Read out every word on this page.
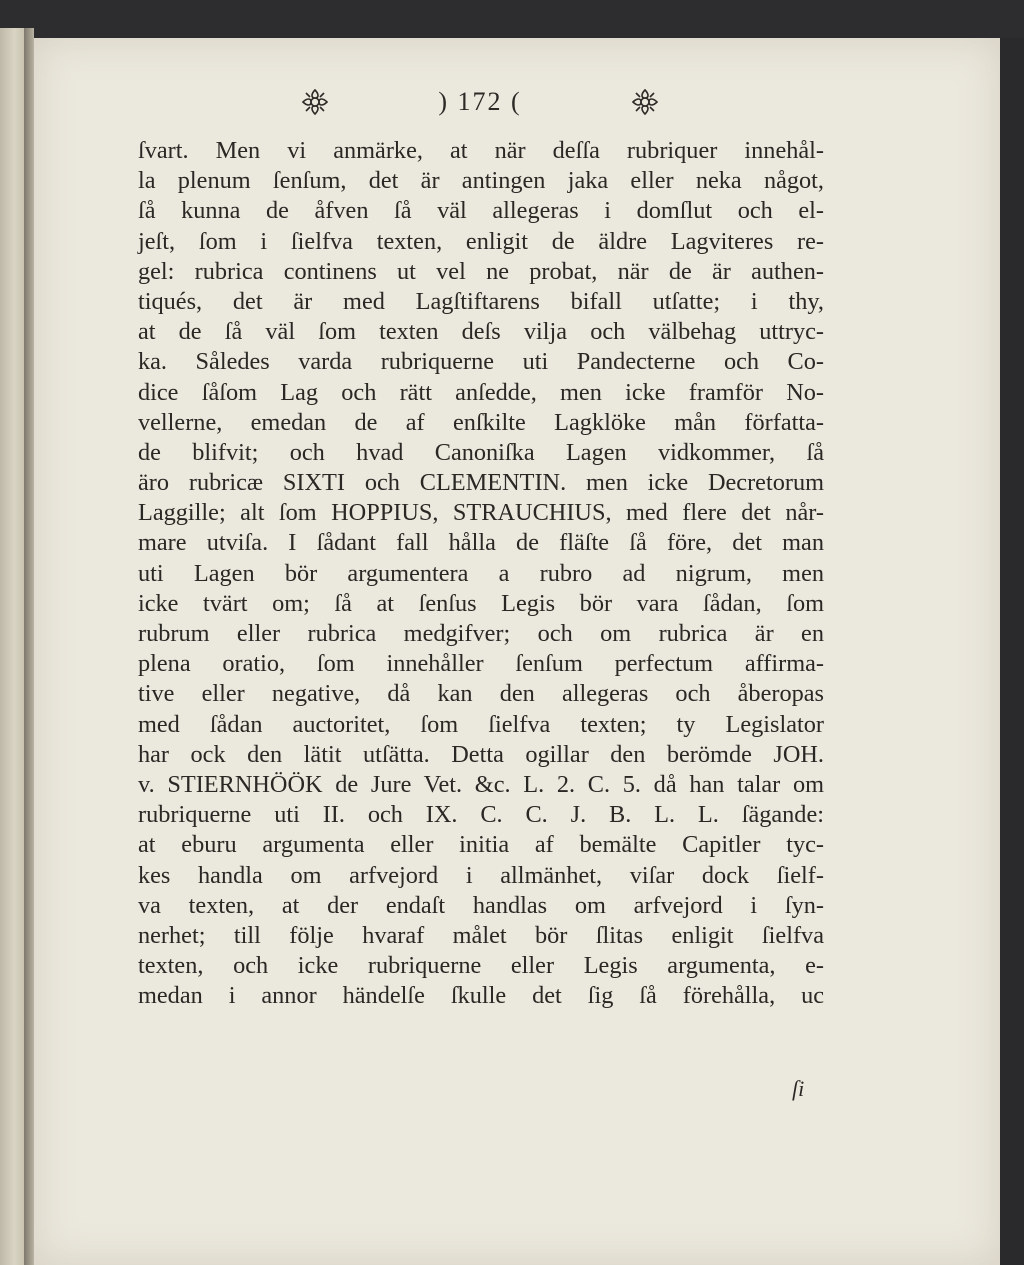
) 172 (
ſvart. Men vi anmärke, at när deſſa rubriquer innehål-
la plenum ſenſum, det är antingen jaka eller neka något,
ſå kunna de åfven ſå väl allegeras i domſlut och el-
jeſt, ſom i ſielfva texten, enligit de äldre Lagviteres re-
gel: rubrica continens ut vel ne probat, när de är authen-
tiqués, det är med Lagſtiftarens bifall utſatte; i thy,
at de ſå väl ſom texten deſs vilja och välbehag uttryc-
ka. Således varda rubriquerne uti Pandecterne och Co-
dice ſåſom Lag och rätt anſedde, men icke framför No-
vellerne, emedan de af enſkilte Lagklöke mån författa-
de blifvit; och hvad Canoniſka Lagen vidkommer, ſå
äro rubricæ SIXTI och CLEMENTIN. men icke Decretorum
Laggille; alt ſom HOPPIUS, STRAUCHIUS, med flere det når-
mare utviſa. I ſådant fall hålla de fläſte ſå före, det man
uti Lagen bör argumentera a rubro ad nigrum, men
icke tvärt om; ſå at ſenſus Legis bör vara ſådan, ſom
rubrum eller rubrica medgifver; och om rubrica är en
plena oratio, ſom innehåller ſenſum perfectum affirma-
tive eller negative, då kan den allegeras och åberopas
med ſådan auctoritet, ſom ſielfva texten; ty Legislator
har ock den lätit utſätta. Detta ogillar den berömde JOH.
v. STIERNHÖÖK de Jure Vet. &c. L. 2. C. 5. då han talar om
rubriquerne uti II. och IX. C. C. J. B. L. L. ſägande:
at eburu argumenta eller initia af bemälte Capitler tyc-
kes handla om arfvejord i allmänhet, viſar dock ſielf-
va texten, at der endaſt handlas om arfvejord i ſyn-
nerhet; till följe hvaraf målet bör ſlitas enligit ſielfva
texten, och icke rubriquerne eller Legis argumenta, e-
medan i annor händelſe ſkulle det ſig ſå förehålla, uc
ſi
